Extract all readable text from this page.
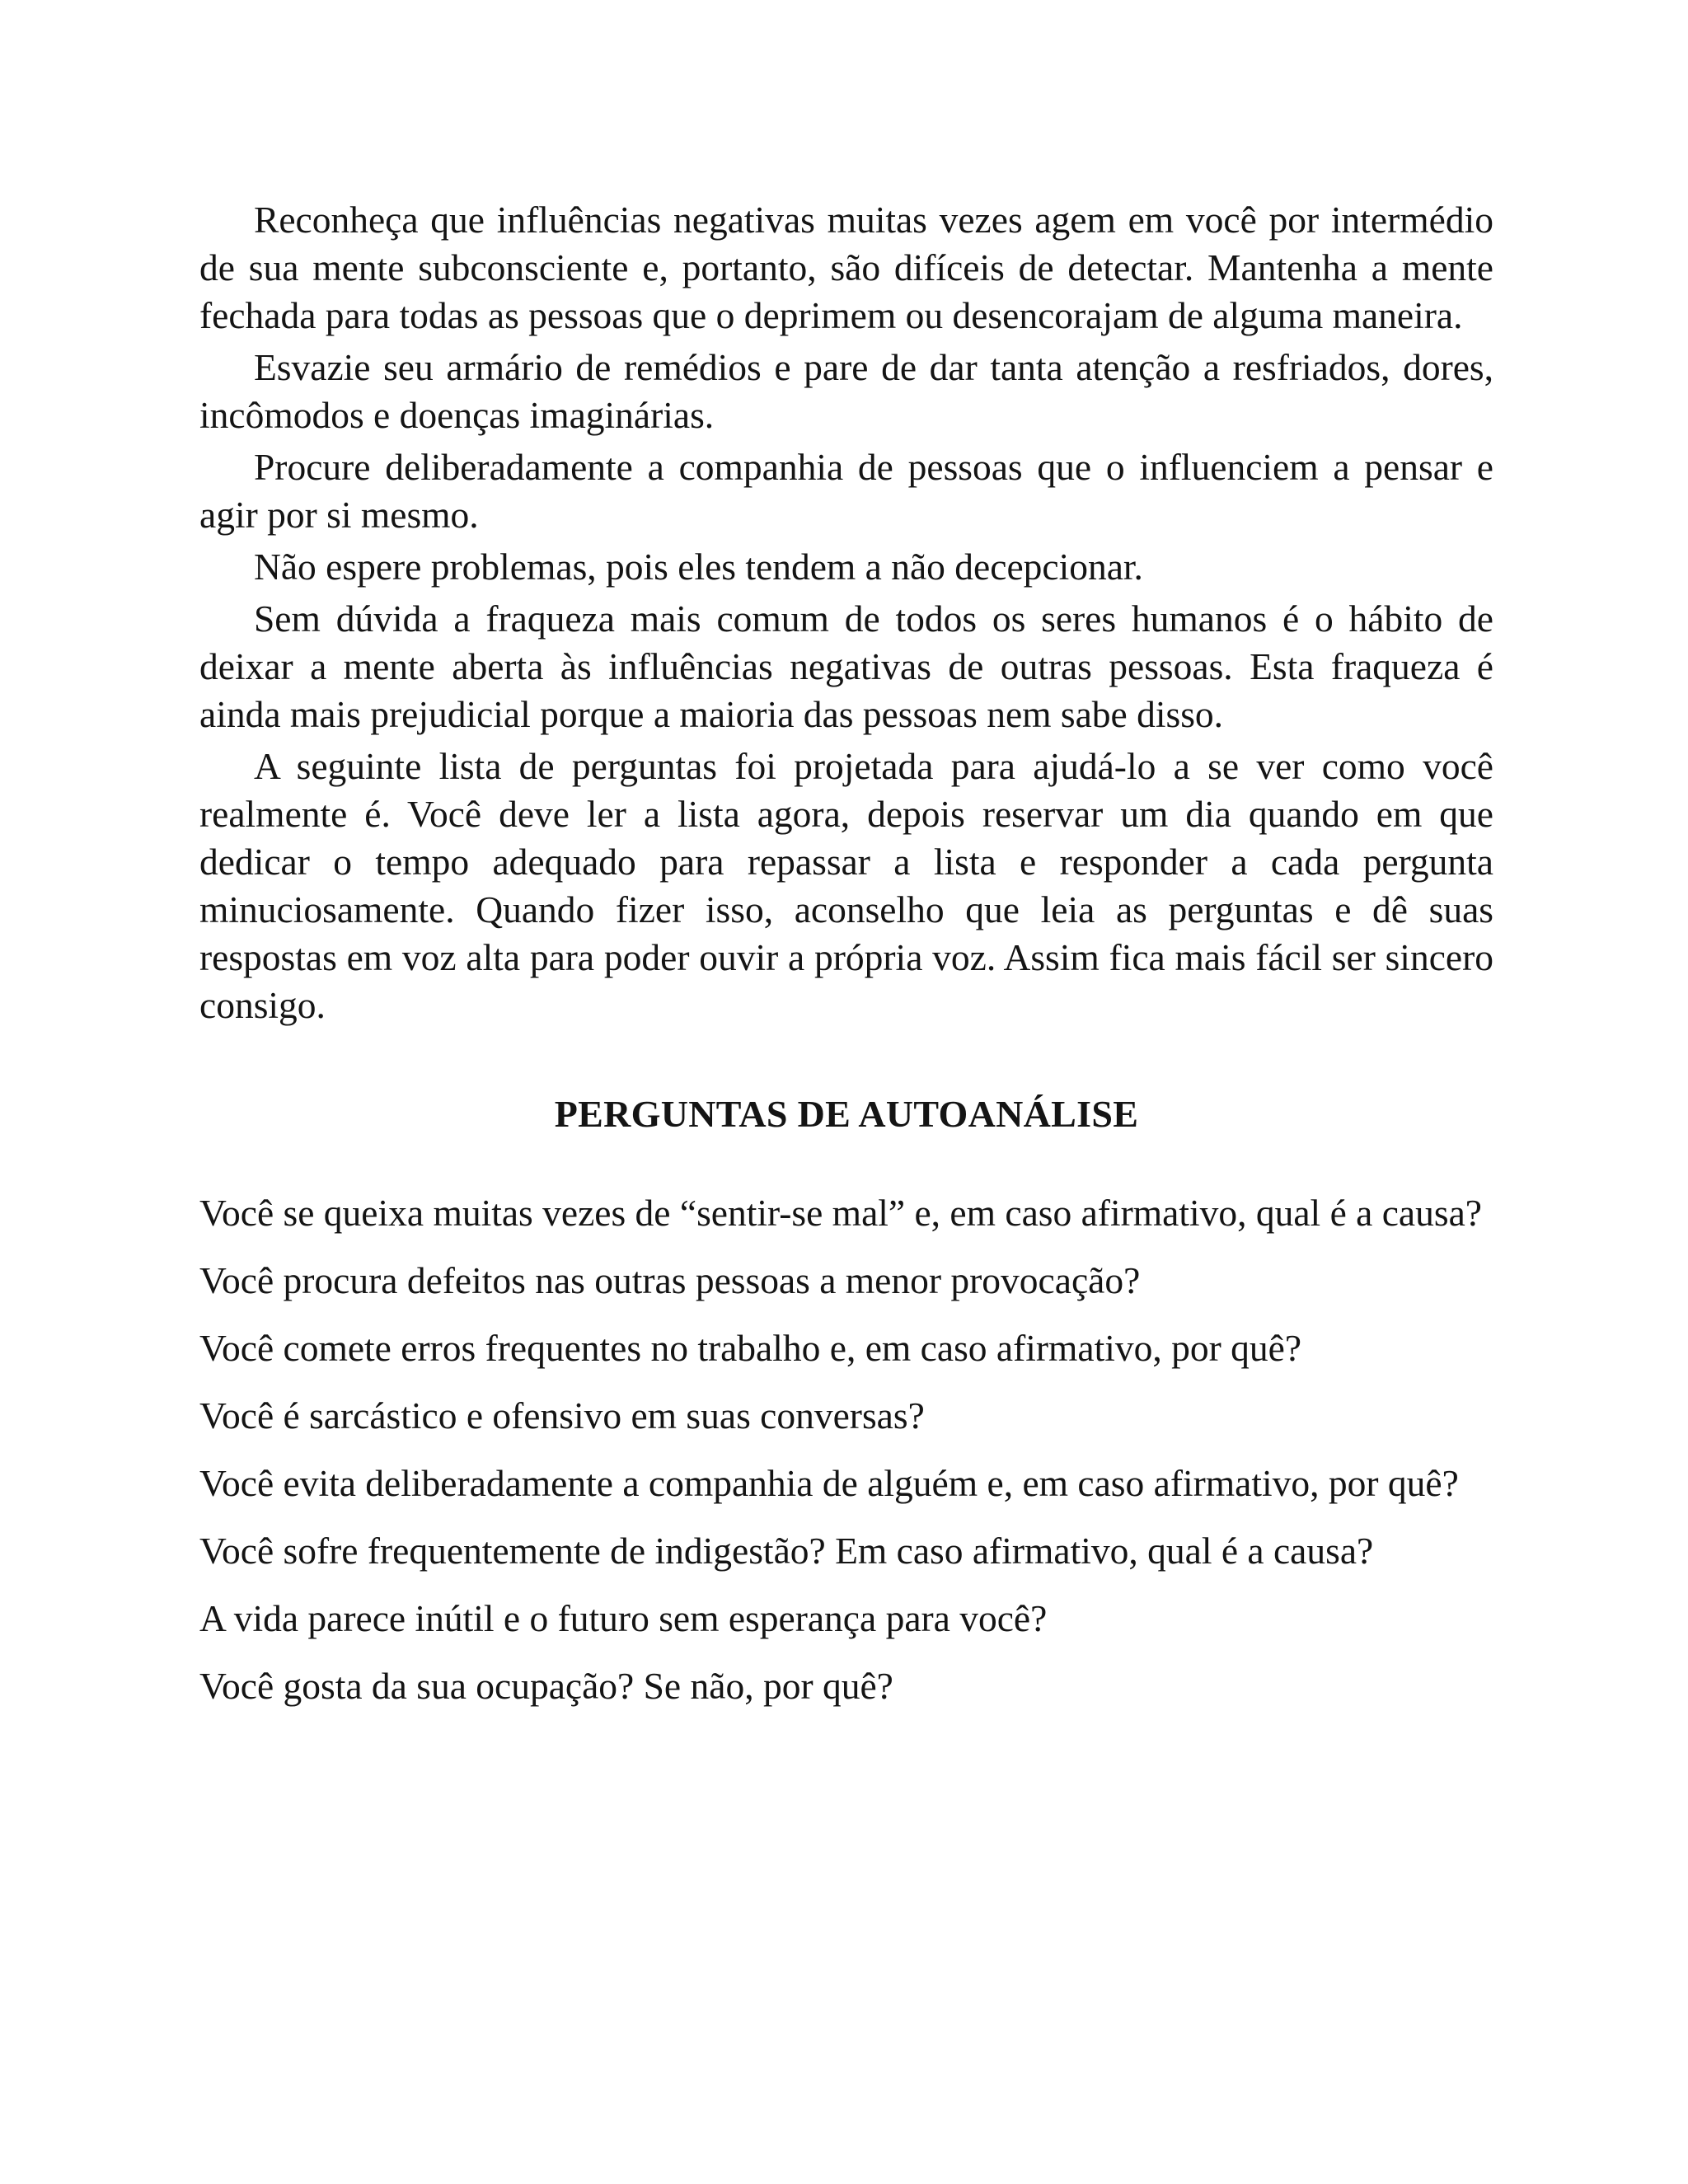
Reconheça que influências negativas muitas vezes agem em você por intermédio de sua mente subconsciente e, portanto, são difíceis de detectar. Mantenha a mente fechada para todas as pessoas que o deprimem ou desencorajam de alguma maneira.

Esvazie seu armário de remédios e pare de dar tanta atenção a resfriados, dores, incômodos e doenças imaginárias.

Procure deliberadamente a companhia de pessoas que o influenciem a pensar e agir por si mesmo.

Não espere problemas, pois eles tendem a não decepcionar.

Sem dúvida a fraqueza mais comum de todos os seres humanos é o hábito de deixar a mente aberta às influências negativas de outras pessoas. Esta fraqueza é ainda mais prejudicial porque a maioria das pessoas nem sabe disso.

A seguinte lista de perguntas foi projetada para ajudá-lo a se ver como você realmente é. Você deve ler a lista agora, depois reservar um dia quando em que dedicar o tempo adequado para repassar a lista e responder a cada pergunta minuciosamente. Quando fizer isso, aconselho que leia as perguntas e dê suas respostas em voz alta para poder ouvir a própria voz. Assim fica mais fácil ser sincero consigo.

PERGUNTAS DE AUTOANÁLISE

Você se queixa muitas vezes de “sentir-se mal” e, em caso afirmativo, qual é a causa?

Você procura defeitos nas outras pessoas a menor provocação?

Você comete erros frequentes no trabalho e, em caso afirmativo, por quê?

Você é sarcástico e ofensivo em suas conversas?

Você evita deliberadamente a companhia de alguém e, em caso afirmativo, por quê?

Você sofre frequentemente de indigestão? Em caso afirmativo, qual é a causa?

A vida parece inútil e o futuro sem esperança para você?

Você gosta da sua ocupação? Se não, por quê?
